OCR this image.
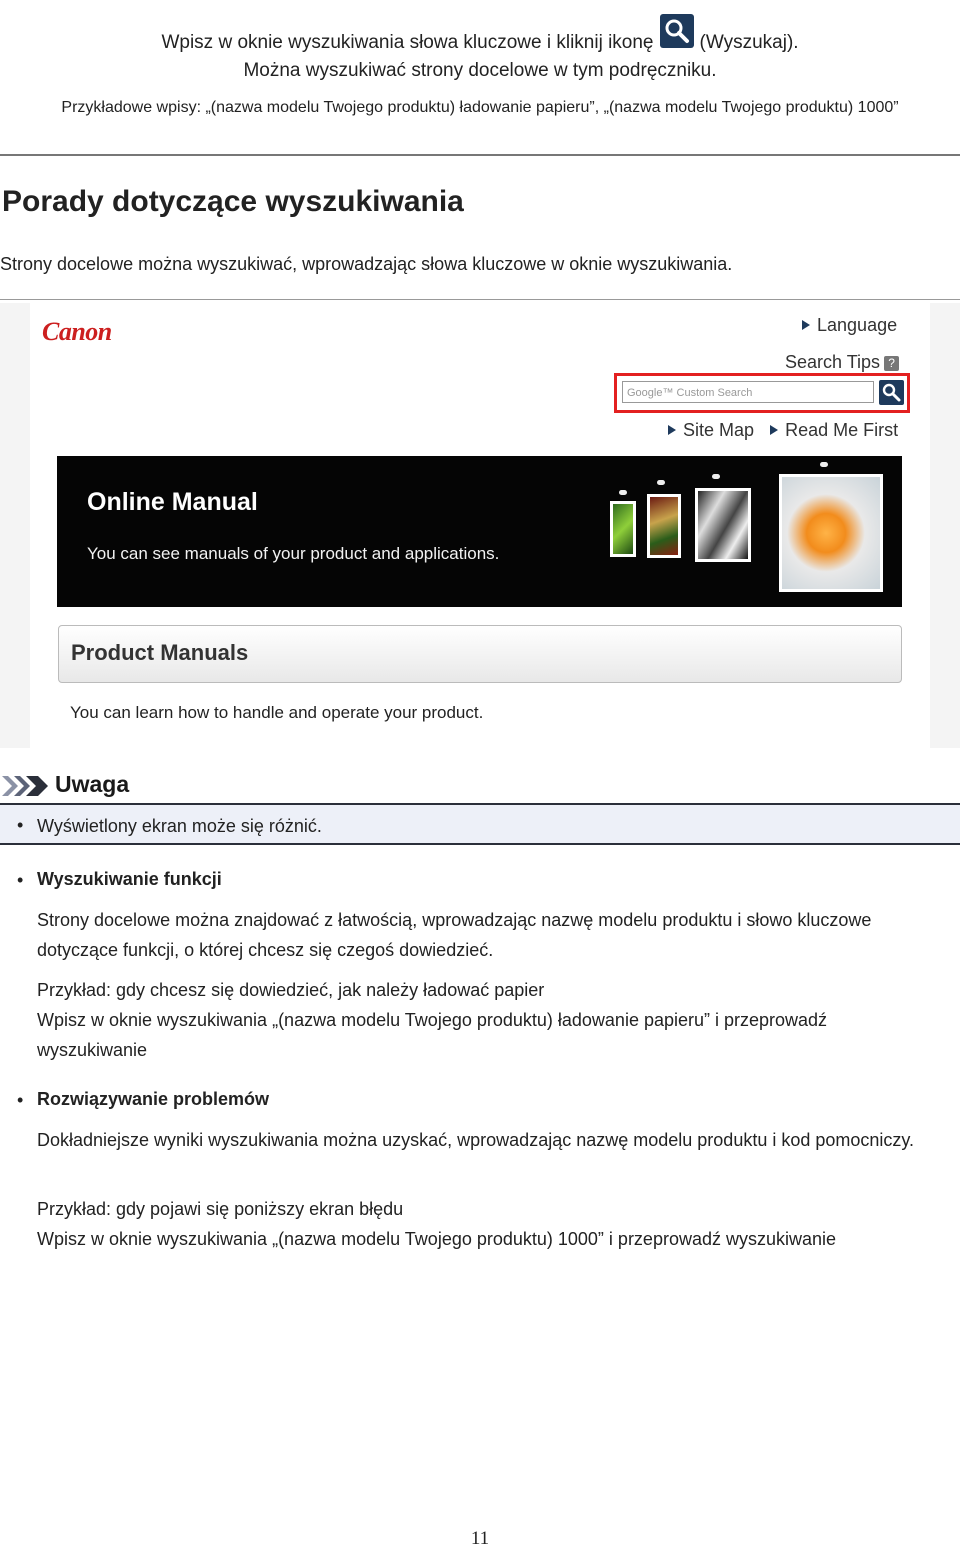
Wpisz w oknie wyszukiwania słowa kluczowe i kliknij ikonę (Wyszukaj).
Można wyszukiwać strony docelowe w tym podręczniku.
Przykładowe wpisy: „(nazwa modelu Twojego produktu) ładowanie papieru”, „(nazwa modelu Twojego produktu) 1000”
Porady dotyczące wyszukiwania
Strony docelowe można wyszukiwać, wprowadzając słowa kluczowe w oknie wyszukiwania.
Canon	Language
Search Tips ?
Google™ Custom Search
Site Map Read Me First
Online Manual
You can see manuals of your product and applications.
Product Manuals
You can learn how to handle and operate your product.
Uwaga
• Wyświetlony ekran może się różnić.
• Wyszukiwanie funkcji
Strony docelowe można znajdować z łatwością, wprowadzając nazwę modelu produktu i słowo kluczowe dotyczące funkcji, o której chcesz się czegoś dowiedzieć.
Przykład: gdy chcesz się dowiedzieć, jak należy ładować papier
Wpisz w oknie wyszukiwania „(nazwa modelu Twojego produktu) ładowanie papieru” i przeprowadź wyszukiwanie
• Rozwiązywanie problemów
Dokładniejsze wyniki wyszukiwania można uzyskać, wprowadzając nazwę modelu produktu i kod pomocniczy.
Przykład: gdy pojawi się poniższy ekran błędu
Wpisz w oknie wyszukiwania „(nazwa modelu Twojego produktu) 1000” i przeprowadź wyszukiwanie
11
